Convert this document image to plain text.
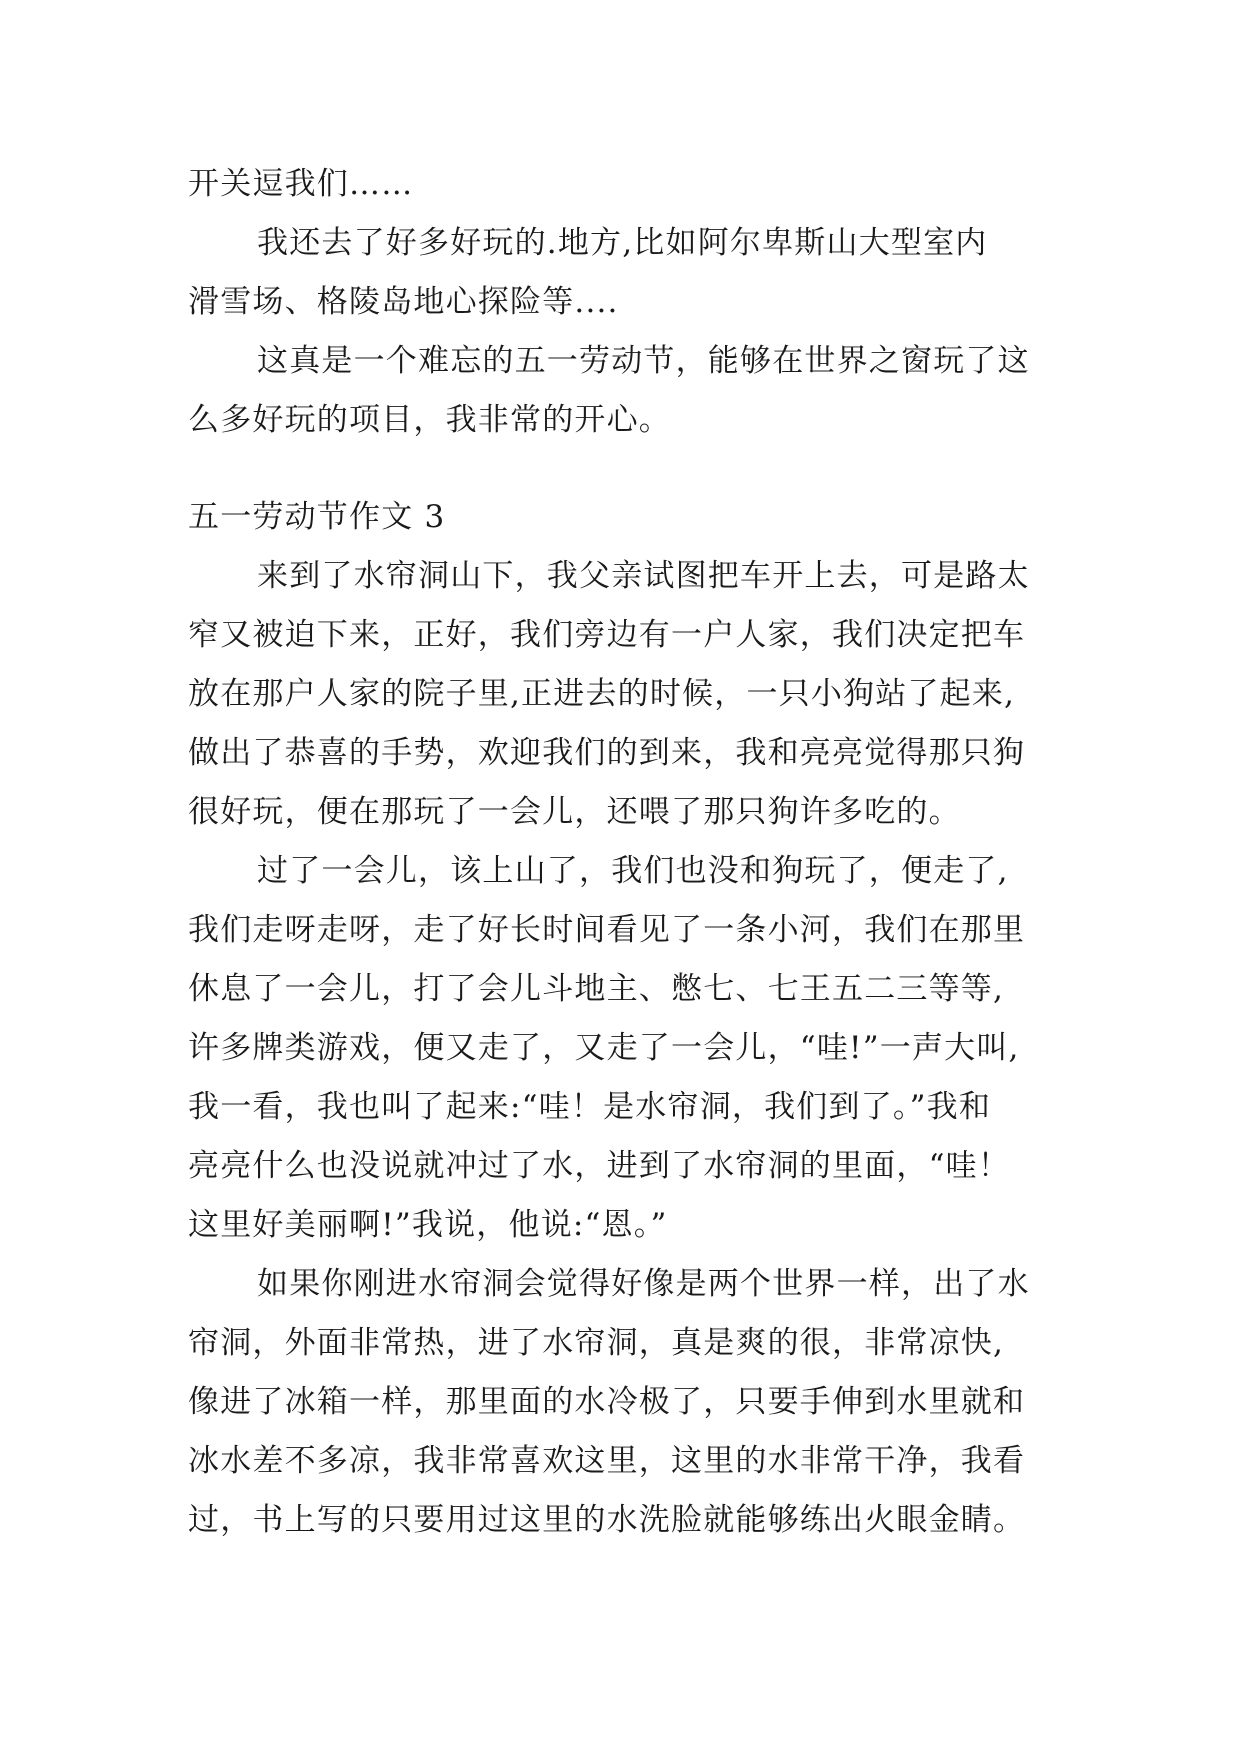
开关逗我们……
我还去了好多好玩的.地方,比如阿尔卑斯山大型室内
滑雪场、格陵岛地心探险等....
这真是一个难忘的五一劳动节，能够在世界之窗玩了这
么多好玩的项目，我非常的开心。
五一劳动节作文 3
来到了水帘洞山下，我父亲试图把车开上去，可是路太
窄又被迫下来，正好，我们旁边有一户人家，我们决定把车
放在那户人家的院子里,正进去的时候，一只小狗站了起来,
做出了恭喜的手势，欢迎我们的到来，我和亮亮觉得那只狗
很好玩，便在那玩了一会儿，还喂了那只狗许多吃的。
过了一会儿，该上山了，我们也没和狗玩了，便走了,
我们走呀走呀，走了好长时间看见了一条小河，我们在那里
休息了一会儿，打了会儿斗地主、憋七、七王五二三等等,
许多牌类游戏，便又走了，又走了一会儿，“哇!”一声大叫,
我一看，我也叫了起来:“哇！是水帘洞，我们到了。”我和
亮亮什么也没说就冲过了水，进到了水帘洞的里面，“哇！
这里好美丽啊!”我说，他说:“恩。”
如果你刚进水帘洞会觉得好像是两个世界一样，出了水
帘洞，外面非常热，进了水帘洞，真是爽的很，非常凉快,
像进了冰箱一样，那里面的水冷极了，只要手伸到水里就和
冰水差不多凉，我非常喜欢这里，这里的水非常干净，我看
过，书上写的只要用过这里的水洗脸就能够练出火眼金睛。
